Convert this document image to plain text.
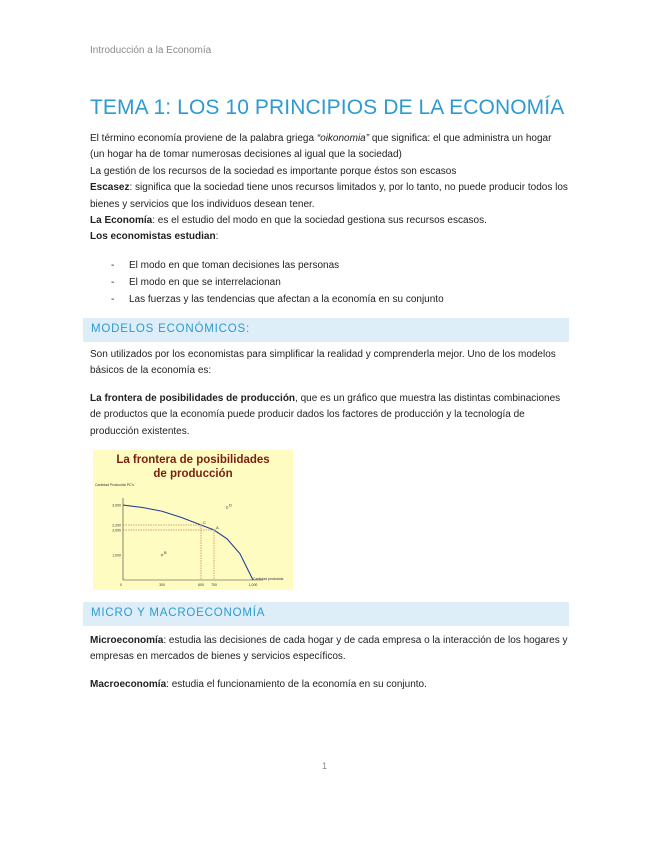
Introducción a la Economía
TEMA 1: LOS 10 PRINCIPIOS DE LA ECONOMÍA
El término economía proviene de la palabra griega “oikonomia” que significa: el que administra un hogar (un hogar ha de tomar numerosas decisiones al igual que la sociedad)
La gestión de los recursos de la sociedad es importante porque éstos son escasos
Escasez: significa que la sociedad tiene unos recursos limitados y, por lo tanto, no puede producir todos los bienes y servicios que los individuos desean tener.
La Economía: es el estudio del modo en que la sociedad gestiona sus recursos escasos.
Los economistas estudian:
- El modo en que toman decisiones las personas
- El modo en que se interrelacionan
- Las fuerzas y las tendencias que afectan a la economía en su conjunto
MODELOS ECONÓMICOS:
Son utilizados por los economistas para simplificar la realidad y comprenderla mejor. Uno de los modelos básicos de la economía es:
La frontera de posibilidades de producción, que es un gráfico que muestra las distintas combinaciones de productos que la economía puede producir dados los factores de producción y la tecnología de producción existentes.
La frontera de posibilidades
de producción
Cantidad Producida PC's
Cantidad producida
3,000
2,200
2,000
1,000
0	300	600 700	1,000
A
B
C
D
MICRO Y MACROECONOMÍA
Microeconomía: estudia las decisiones de cada hogar y de cada empresa o la interacción de los hogares y empresas en mercados de bienes y servicios específicos.
Macroeconomía: estudia el funcionamiento de la economía en su conjunto.
1
